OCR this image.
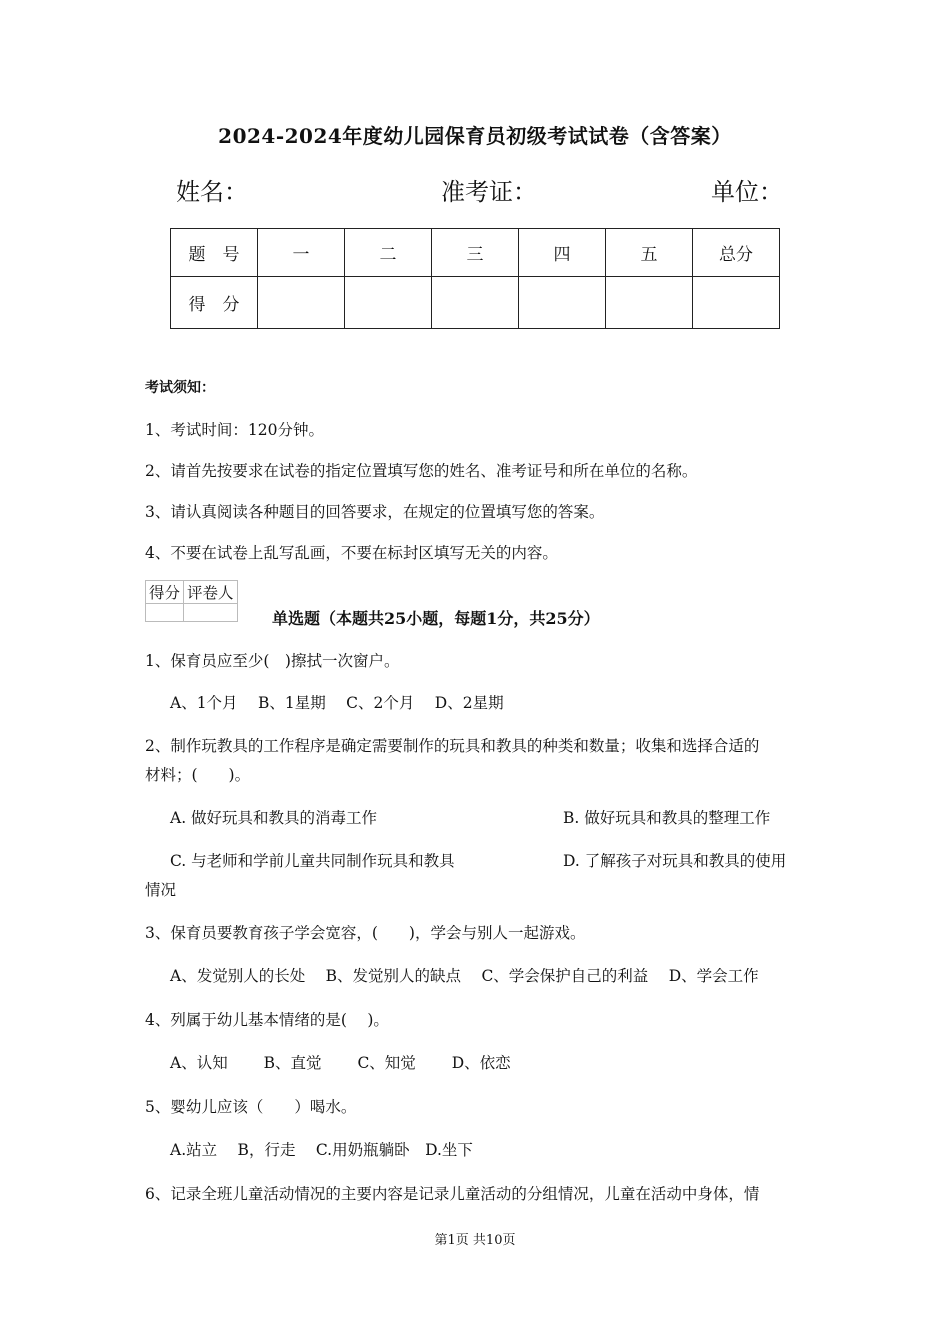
2024-2024年度幼儿园保育员初级考试试卷（含答案）
姓名：	准考证：	单位：
题　号	一	二	三	四	五	总分
得　分						
考试须知：
1、考试时间：120分钟。
2、请首先按要求在试卷的指定位置填写您的姓名、准考证号和所在单位的名称。
3、请认真阅读各种题目的回答要求，在规定的位置填写您的答案。
4、不要在试卷上乱写乱画，不要在标封区填写无关的内容。
得分	评卷人

单选题（本题共25小题，每题1分，共25分）
1、保育员应至少(　)擦拭一次窗户。
A、1个月　 B、1星期　 C、2个月　 D、2星期
2、制作玩教具的工作程序是确定需要制作的玩具和教具的种类和数量；收集和选择合适的
材料；(　　)。
A. 做好玩具和教具的消毒工作	B. 做好玩具和教具的整理工作
C. 与老师和学前儿童共同制作玩具和教具	D. 了解孩子对玩具和教具的使用
情况
3、保育员要教育孩子学会宽容，(　　)，学会与别人一起游戏。
A、发觉别人的长处　 B、发觉别人的缺点　 C、学会保护自己的利益　 D、学会工作
4、列属于幼儿基本情绪的是(　 )。
A、认知　　 B、直觉　　 C、知觉　　 D、依恋
5、婴幼儿应该（　　）喝水。
A.站立　 B，行走　 C.用奶瓶躺卧　D.坐下
6、记录全班儿童活动情况的主要内容是记录儿童活动的分组情况，儿童在活动中身体，情
第1页 共10页
